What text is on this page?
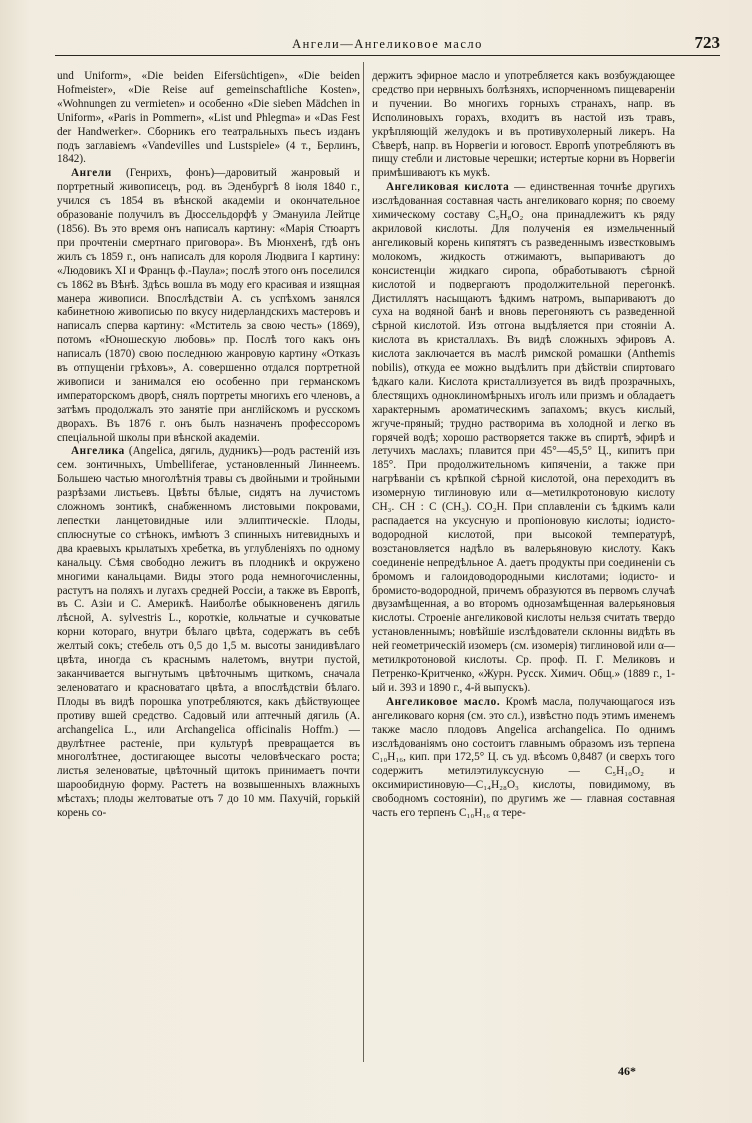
Ангели—Ангеликовое масло	723

und Uniform», «Die beiden Eifersüchtigen», «Die beiden Hofmeister», «Die Reise auf gemeinschaftliche Kosten», «Wohnungen zu vermieten» и особенно «Die sieben Mädchen in Uniform», «Paris in Pommern», «List und Phlegma» и «Das Fest der Handwerker». Сборникъ его театральныхъ пьесъ изданъ подъ заглавіемъ «Vandevilles und Lustspiele» (4 т., Берлинъ, 1842).

Ангели (Генрихъ, фонъ)—даровитый жанровый и портретный живописецъ, род. въ Эденбургѣ 8 іюля 1840 г., учился съ 1854 въ вѣнской академіи и окончательное образованіе получилъ въ Дюссельдорфѣ у Эмануила Лейтце (1856). Въ это время онъ написалъ картину: «Марія Стюартъ при прочтеніи смертнаго приговора». Въ Мюнхенѣ, гдѣ онъ жилъ съ 1859 г., онъ написалъ для короля Людвига I картину: «Людовикъ XI и Францъ ф.-Паула»; послѣ этого онъ поселился съ 1862 въ Вѣнѣ. Здѣсь вошла въ моду его красивая и изящная манера живописи. Впослѣдствіи А. съ успѣхомъ занялся кабинетною живописью по вкусу нидерландскихъ мастеровъ и написалъ сперва картину: «Мститель за свою честь» (1869), потомъ «Юношескую любовь» пр. Послѣ того какъ онъ написалъ (1870) свою последнюю жанровую картину «Отказъ въ отпущеніи грѣховъ», А. совершенно отдался портретной живописи и занимался ею особенно при германскомъ императорскомъ дворѣ, снялъ портреты многихъ его членовъ, а затѣмъ продолжалъ это занятіе при англійскомъ и русскомъ дворахъ. Въ 1876 г. онъ былъ назначенъ профессоромъ спеціальной школы при вѣнской академіи.

Ангелика (Angelica, дягиль, дудникъ)—родъ растеній изъ сем. зонтичныхъ, Umbelliferae, установленный Линнеемъ. Большею частью многолѣтнія травы съ двойными и тройными разрѣзами листьевъ. Цвѣты бѣлые, сидятъ на лучистомъ сложномъ зонтикѣ, снабженномъ листовыми покровами, лепестки ланцетовидные или эллиптическіе. Плоды, сплюснутые со стѣнокъ, имѣютъ 3 спинныхъ нитевидныхъ и два краевыхъ крылатыхъ хребетка, въ углубленіяхъ по одному канальцу. Сѣмя свободно лежитъ въ плодникѣ и окружено многими канальцами. Виды этого рода немногочисленны, растутъ на поляхъ и лугахъ средней Россіи, а также въ Европѣ, въ С. Азіи и С. Америкѣ. Наиболѣе обыкновененъ дягиль лѣсной, A. sylvestris L., короткіе, кольчатые и сучковатые корни котораго, внутри бѣлаго цвѣта, содержатъ въ себѣ желтый сокъ; стебель отъ 0,5 до 1,5 м. высоты занидивѣлаго цвѣта, иногда съ краснымъ налетомъ, внутри пустой, заканчивается выгнутымъ цвѣточнымъ щиткомъ, сначала зеленоватаго и красноватаго цвѣта, а впослѣдствіи бѣлаго. Плоды въ видѣ порошка употребляются, какъ дѣйствующее противу вшей средство. Садовый или аптечный дягиль (A. archangelica L., или Archangelica officinalis Hoffm.) —двулѣтнее растеніе, при культурѣ превращается въ многолѣтнее, достигающее высоты человѣческаго роста; листья зеленоватые, цвѣточный щитокъ принимаетъ почти шарообидную форму. Растетъ на возвышенныхъ влажныхъ мѣстахъ; плоды желтоватые отъ 7 до 10 мм. Пахучій, горькій корень со-

держитъ эфирное масло и употребляется какъ возбуждающее средство при нервныхъ болѣзняхъ, испорченномъ пищевареніи и пучении. Во многихъ горныхъ странахъ, напр. въ Исполиновыхъ горахъ, входитъ въ настой изъ травъ, укрѣпляющій желудокъ и въ противухолерный ликеръ. На Сѣверѣ, напр. въ Норвегіи и юговост. Европѣ употребляютъ въ пищу стебли и листовые черешки; истертые корни въ Норвегіи примѣшиваютъ къ мукѣ.

Ангеликовая кислота — единственная точнѣе другихъ изслѣдованная составная часть ангеликоваго корня; по своему химическому составу C₅H₈O₂ она принадлежитъ къ ряду акриловой кислоты. Для полученія ея измельченный ангеликовый корень кипятятъ съ разведеннымъ известковымъ молокомъ, жидкость отжимаютъ, выпариваютъ до консистенціи жидкаго сиропа, обработываютъ сѣрной кислотой и подвергаютъ продолжительной перегонкѣ. Дистиллятъ насыщаютъ ѣдкимъ натромъ, выпариваютъ до суха на водяной банѣ и вновь перегоняютъ съ разведенной сѣрной кислотой. Изъ отгона выдѣляется при стояніи А. кислота въ кристаллахъ. Въ видѣ сложныхъ эфировъ А. кислота заключается въ маслѣ римской ромашки (Anthemis nobilis), откуда ее можно выдѣлить при дѣйствіи спиртоваго ѣдкаго кали. Кислота кристаллизуется въ видѣ прозрачныхъ, блестящихъ одноклиномѣрныхъ иголъ или призмъ и обладаетъ характернымъ ароматическимъ запахомъ; вкусъ кислый, жгуче-пряный; трудно растворима въ холодной и легко въ горячей водѣ; хорошо растворяется также въ спиртѣ, эфирѣ и летучихъ маслахъ; плавится при 45°—45,5° Ц., кипитъ при 185°. При продолжительномъ кипяченіи, а также при нагрѣваніи съ крѣпкой сѣрной кислотой, она переходитъ въ изомерную тиглиновую или α—метилкротоновую кислоту CH₃. CH : C (CH₃). CO₂H. При сплавленіи съ ѣдкимъ кали распадается на уксусную и пропіоновую кислоты; іодисто-водородной кислотой, при высокой температурѣ, возстановляется надѣло въ валерьяновую кислоту. Какъ соединеніе непредѣльное А. даетъ продукты при соединеніи съ бромомъ и галоидоводородными кислотами; іодисто- и бромисто-водородной, причемъ образуются въ первомъ случаѣ двузамѣщенная, а во второмъ однозамѣщенная валерьяновыя кислоты. Строеніе ангеликовой кислоты нельзя считать твердо установленнымъ; новѣйшіе изслѣдователи склонны видѣть въ ней геометрическій изомеръ (см. изомерія) тиглиновой или α—метилкротоновой кислоты. Ср. проф. П. Г. Меликовъ и Петренко-Критченко, «Журн. Русск. Химич. Общ.» (1889 г., 1-ый и. 393 и 1890 г., 4-й выпускъ).

Ангеликовое масло. Кромѣ масла, получающагося изъ ангеликоваго корня (см. это сл.), извѣстно подъ этимъ именемъ также масло плодовъ Angelica archangelica. По однимъ изслѣдованіямъ оно состоитъ главнымъ образомъ изъ терпена C₁₀H₁₆, кип. при 172,5° Ц. съ уд. вѣсомъ 0,8487 (и сверхъ того содержитъ метилэтилуксусную — C₅H₁₀O₂ и оксимиристиновую—C₁₄H₂₈O₃ кислоты, повидимому, въ свободномъ состояніи), по другимъ же — главная составная часть его терпенъ C₁₀H₁₆ α тере-

46*
